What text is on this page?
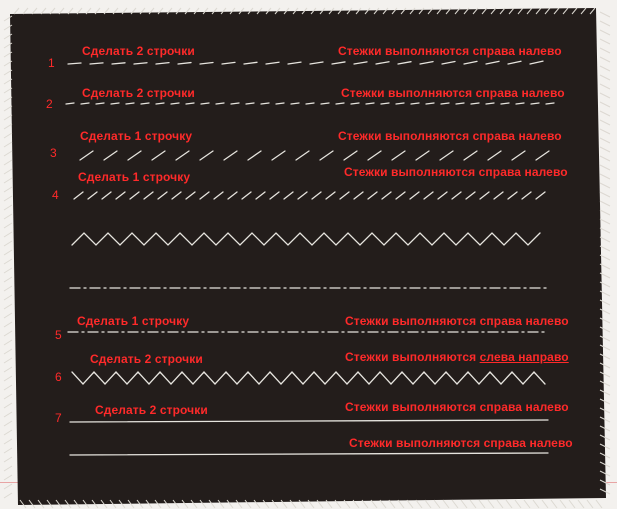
1
Сделать 2 строчки	Стежки выполняются справа налево
2
Сделать 2 строчки	Стежки выполняются справа налево
3
Сделать 1 строчку	Стежки выполняются справа налево
4
Сделать 1 строчку	Стежки выполняются справа налево
5
Сделать 1 строчку	Стежки выполняются справа налево
6
Сделать 2 строчки	Стежки выполняются слева направо
7
Сделать 2 строчки	Стежки выполняются справа налево
Стежки выполняются справа налево
